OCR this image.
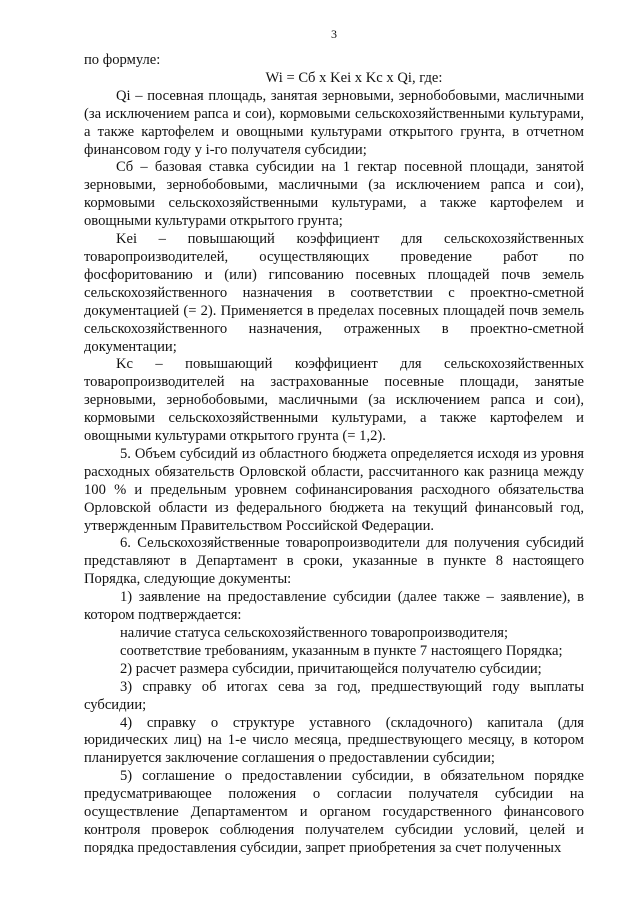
3

по формуле:

Wi = Cб x Kei x Kc x Qi, где:

Qi – посевная площадь, занятая зерновыми, зернобобовыми, масличными (за исключением рапса и сои), кормовыми сельскохозяйственными культурами, а также картофелем и овощными культурами открытого грунта, в отчетном финансовом году у i-го получателя субсидии;

Cб – базовая ставка субсидии на 1 гектар посевной площади, занятой зерновыми, зернобобовыми, масличными (за исключением рапса и сои), кормовыми сельскохозяйственными культурами, а также картофелем и овощными культурами открытого грунта;

Kei – повышающий коэффициент для сельскохозяйственных товаропроизводителей, осуществляющих проведение работ по фосфоритованию и (или) гипсованию посевных площадей почв земель сельскохозяйственного назначения в соответствии с проектно-сметной документацией (= 2). Применяется в пределах посевных площадей почв земель сельскохозяйственного назначения, отраженных в проектно-сметной документации;

Kc – повышающий коэффициент для сельскохозяйственных товаропроизводителей на застрахованные посевные площади, занятые зерновыми, зернобобовыми, масличными (за исключением рапса и сои), кормовыми сельскохозяйственными культурами, а также картофелем и овощными культурами открытого грунта (= 1,2).

5. Объем субсидий из областного бюджета определяется исходя из уровня расходных обязательств Орловской области, рассчитанного как разница между 100 % и предельным уровнем софинансирования расходного обязательства Орловской области из федерального бюджета на текущий финансовый год, утвержденным Правительством Российской Федерации.

6. Сельскохозяйственные товаропроизводители для получения субсидий представляют в Департамент в сроки, указанные в пункте 8 настоящего Порядка, следующие документы:

1) заявление на предоставление субсидии (далее также – заявление), в котором подтверждается:

наличие статуса сельскохозяйственного товаропроизводителя;

соответствие требованиям, указанным в пункте 7 настоящего Порядка;

2) расчет размера субсидии, причитающейся получателю субсидии;

3) справку об итогах сева за год, предшествующий году выплаты субсидии;

4) справку о структуре уставного (складочного) капитала (для юридических лиц) на 1-е число месяца, предшествующего месяцу, в котором планируется заключение соглашения о предоставлении субсидии;

5) соглашение о предоставлении субсидии, в обязательном порядке предусматривающее положения о согласии получателя субсидии на осуществление Департаментом и органом государственного финансового контроля проверок соблюдения получателем субсидии условий, целей и порядка предоставления субсидии, запрет приобретения за счет полученных
